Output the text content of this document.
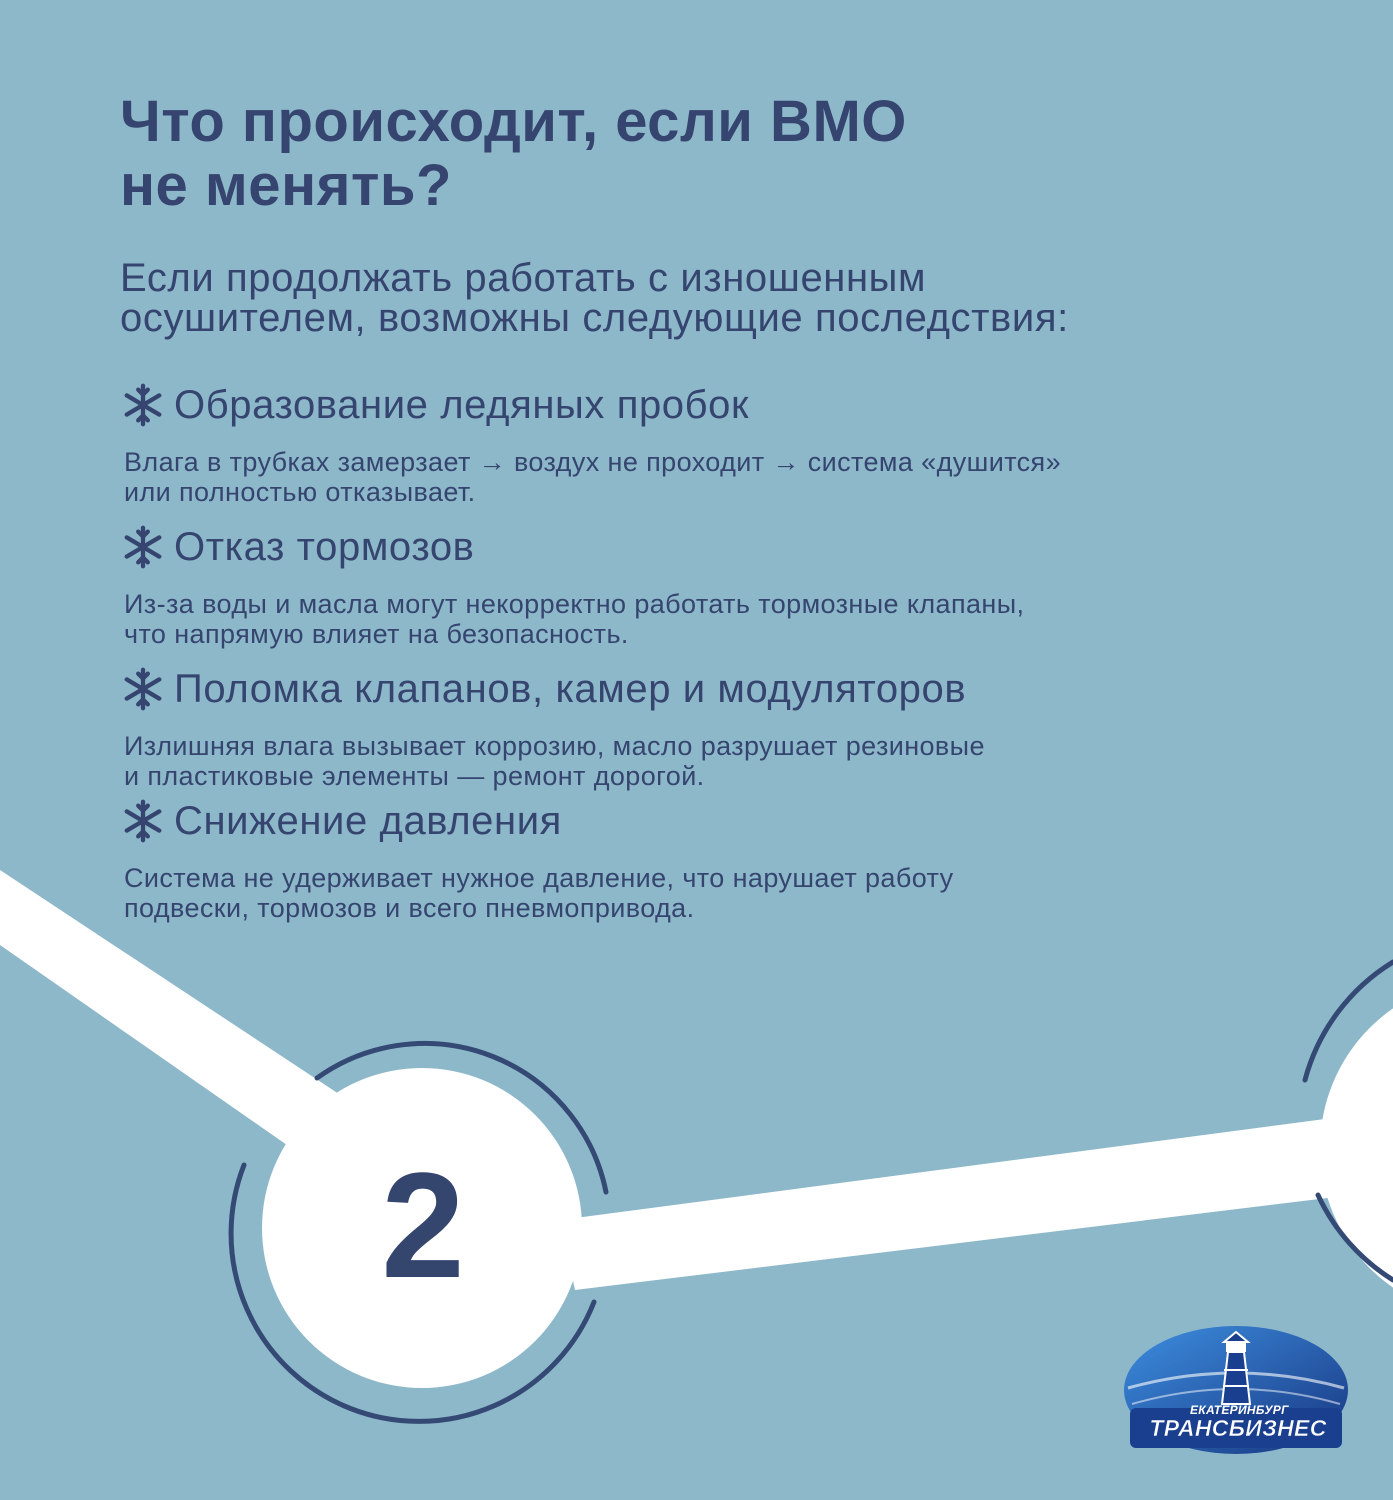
Что происходит, если ВМО
не менять?

Если продолжать работать с изношенным
осушителем, возможны следующие последствия:

Образование ледяных пробок

Влага в трубках замерзает → воздух не проходит → система «душится»
или полностью отказывает.

Отказ тормозов

Из-за воды и масла могут некорректно работать тормозные клапаны,
что напрямую влияет на безопасность.

Поломка клапанов, камер и модуляторов

Излишняя влага вызывает коррозию, масло разрушает резиновые
и пластиковые элементы — ремонт дорогой.

Снижение давления

Система не удерживает нужное давление, что нарушает работу
подвески, тормозов и всего пневмопривода.

2
ЕКАТЕРИНБУРГ
ТРАНСБИЗНЕС
